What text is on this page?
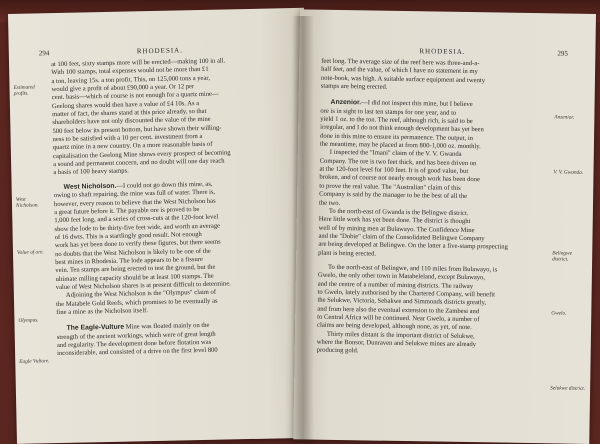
294	RHODESIA.
Estimated profits.
West Nicholson.
Value of ore.
Olympus.
Eagle Vulture.
at 100 feet, sixty stamps more will be erected—making 100 in all.
With 100 stamps, total expenses would not be more than £1
a ton, leaving 15s. a ton profit. This, on 125,000 tons a year,
would give a profit of about £90,000 a year. Or 12 per
cent. basis—which of course is not enough for a quartz mine—
Geelong shares would then have a value of £4 10s. As a
matter of fact, the shares stand at this price already, so that
shareholders have not only discounted the value of the mine
500 feet below its present bottom, but have shown their willing-
ness to be satisfied with a 10 per cent. investment from a
quartz mine in a new country. On a more reasonable basis of
capitalisation the Geelong Mine shows every prospect of becoming
a sound and permanent concern, and no doubt will one day reach
a basis of 100 heavy stamps.
West Nicholson.—I could not go down this mine, as,
owing to shaft repairing, the mine was full of water. There is,
however, every reason to believe that the West Nicholson has
a great future before it. The payable ore is proved to be
1,000 feet long, and a series of cross-cuts at the 120-foot level
show the lode to be thirty-five feet wide, and worth an average
of 16 dwts. This is a startlingly good result. Not enough
work has yet been done to verify these figures, but there seems
no doubts that the West Nicholson is likely to be one of the
best mines in Rhodesia. The lode appears to be a fissure
vein. Ten stamps are being erected to test the ground, but the
ultimate milling capacity should be at least 100 stamps. The
value of West Nicholson shares is at present difficult to determine.
Adjoining the West Nicholson is the "Olympus" claim of
the Matabele Gold Reefs, which promises to be eventually as
fine a mine as the Nicholson itself.
The Eagle-Vulture Mine was floated mainly on the
strength of the ancient workings, which were of great length
and regularity. The development done before flotation was
inconsiderable, and consisted of a drive on the first level 800
RHODESIA.	295
Anzenior.
V. V. Gwanda.
Belingwe district.
Gwelo.
Selukwe district.
feet long. The average size of the reef here was three-and-a-
half feet, and the value, of which I have no statement in my
note-book, was high. A suitable surface equipment and twenty
stamps are being erected.
Anzenior.—I did not inspect this mine, but I believe
ore is in sight to last ten stamps for one year, and to
yield 1 oz. to the ton. The reef, although rich, is said to be
irregular, and I do not think enough development has yet been
done in this mine to ensure its permanence. The output, in
the meantime, may be placed at from 800-1,000 oz. monthly.
I inspected the "Imani" claim of the V. V. Gwanda
Company. The ore is two feet thick, and has been driven on
at the 120-foot level for 100 feet. It is of good value, but
broken, and of course not nearly enough work has been done
to prove the real value. The "Australian" claim of this
Company is said by the manager to be the best of all the
the two.
To the north-east of Gwanda is the Belingwe district.
Here little work has yet been done. The district is thought
well of by mining men at Bulawayo. The Confidence Mine
and the "Dobie" claim of the Consolidated Belingwe Company
are being developed at Belingwe. On the latter a five-stamp prospecting
plant is being erected.
To the north-east of Belingwe, and 110 miles from Bulawayo, is
Gwelo, the only other town in Matabeleland, except Bulawayo,
and the centre of a number of mining districts. The railway
to Gwelo, lately authorised by the Chartered Company, will benefit
the Selukwe, Victoria, Sebakwe and Simmonds districts greatly,
and from here also the eventual extension to the Zambesi and
to Central Africa will be continued. Near Gwelo, a number of
claims are being developed, although none, as yet, of note.
Thirty miles distant is the important district of Selukwe,
where the Bonsor, Dunraven and Selukwe mines are already
producing gold.
